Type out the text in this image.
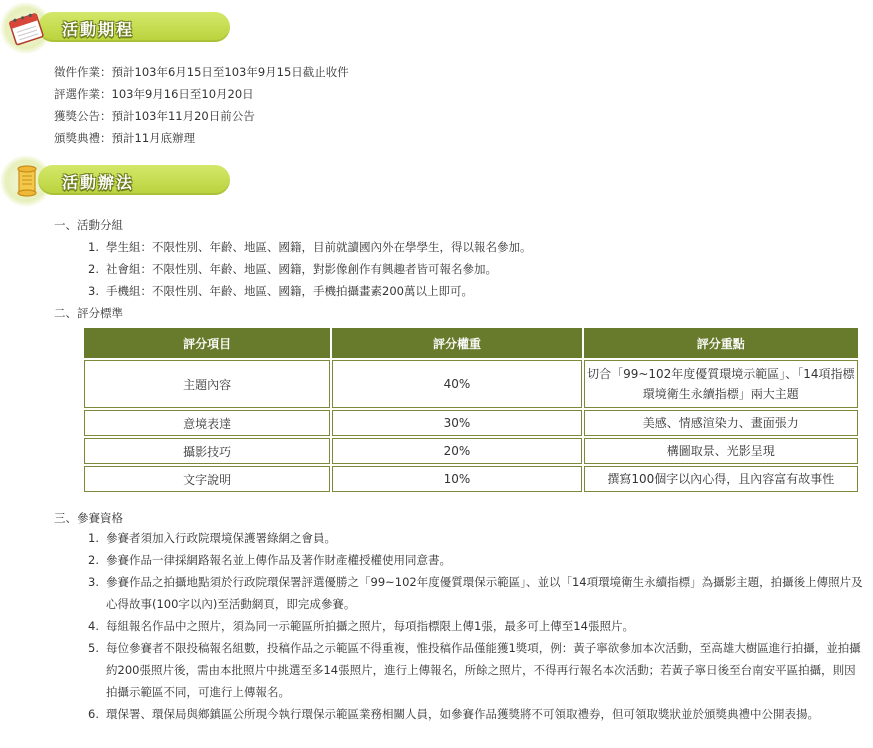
活動期程
徵件作業：預計103年6月15日至103年9月15日截止收件
評選作業：103年9月16日至10月20日
獲獎公告：預計103年11月20日前公告
頒獎典禮：預計11月底辦理
活動辦法
一、活動分組
1. 學生組：不限性別、年齡、地區、國籍，目前就讀國內外在學學生，得以報名參加。
2. 社會組：不限性別、年齡、地區、國籍，對影像創作有興趣者皆可報名參加。
3. 手機組：不限性別、年齡、地區、國籍，手機拍攝畫素200萬以上即可。
二、評分標準
評分項目	評分權重	評分重點
主題內容	40%	切合「99~102年度優質環境示範區」、「14項指標環境衛生永續指標」兩大主題
意境表達	30%	美感、情感渲染力、畫面張力
攝影技巧	20%	構圖取景、光影呈現
文字說明	10%	撰寫100個字以內心得，且內容富有故事性
三、參賽資格
1. 參賽者須加入行政院環境保護署綠網之會員。
2. 參賽作品一律採網路報名並上傳作品及著作財產權授權使用同意書。
3. 參賽作品之拍攝地點須於行政院環保署評選優勝之「99~102年度優質環保示範區」、並以「14項環境衛生永續指標」為攝影主題，拍攝後上傳照片及心得故事(100字以內)至活動網頁，即完成參賽。
4. 每組報名作品中之照片，須為同一示範區所拍攝之照片，每項指標限上傳1張，最多可上傳至14張照片。
5. 每位參賽者不限投稿報名組數，投稿作品之示範區不得重複，惟投稿作品僅能獲1獎項，例：黃子寧欲參加本次活動，至高雄大樹區進行拍攝，並拍攝約200張照片後，需由本批照片中挑選至多14張照片，進行上傳報名，所餘之照片，不得再行報名本次活動；若黃子寧日後至台南安平區拍攝，則因拍攝示範區不同，可進行上傳報名。
6. 環保署、環保局與鄉鎮區公所現今執行環保示範區業務相關人員，如參賽作品獲獎將不可領取禮券，但可領取獎狀並於頒獎典禮中公開表揚。
